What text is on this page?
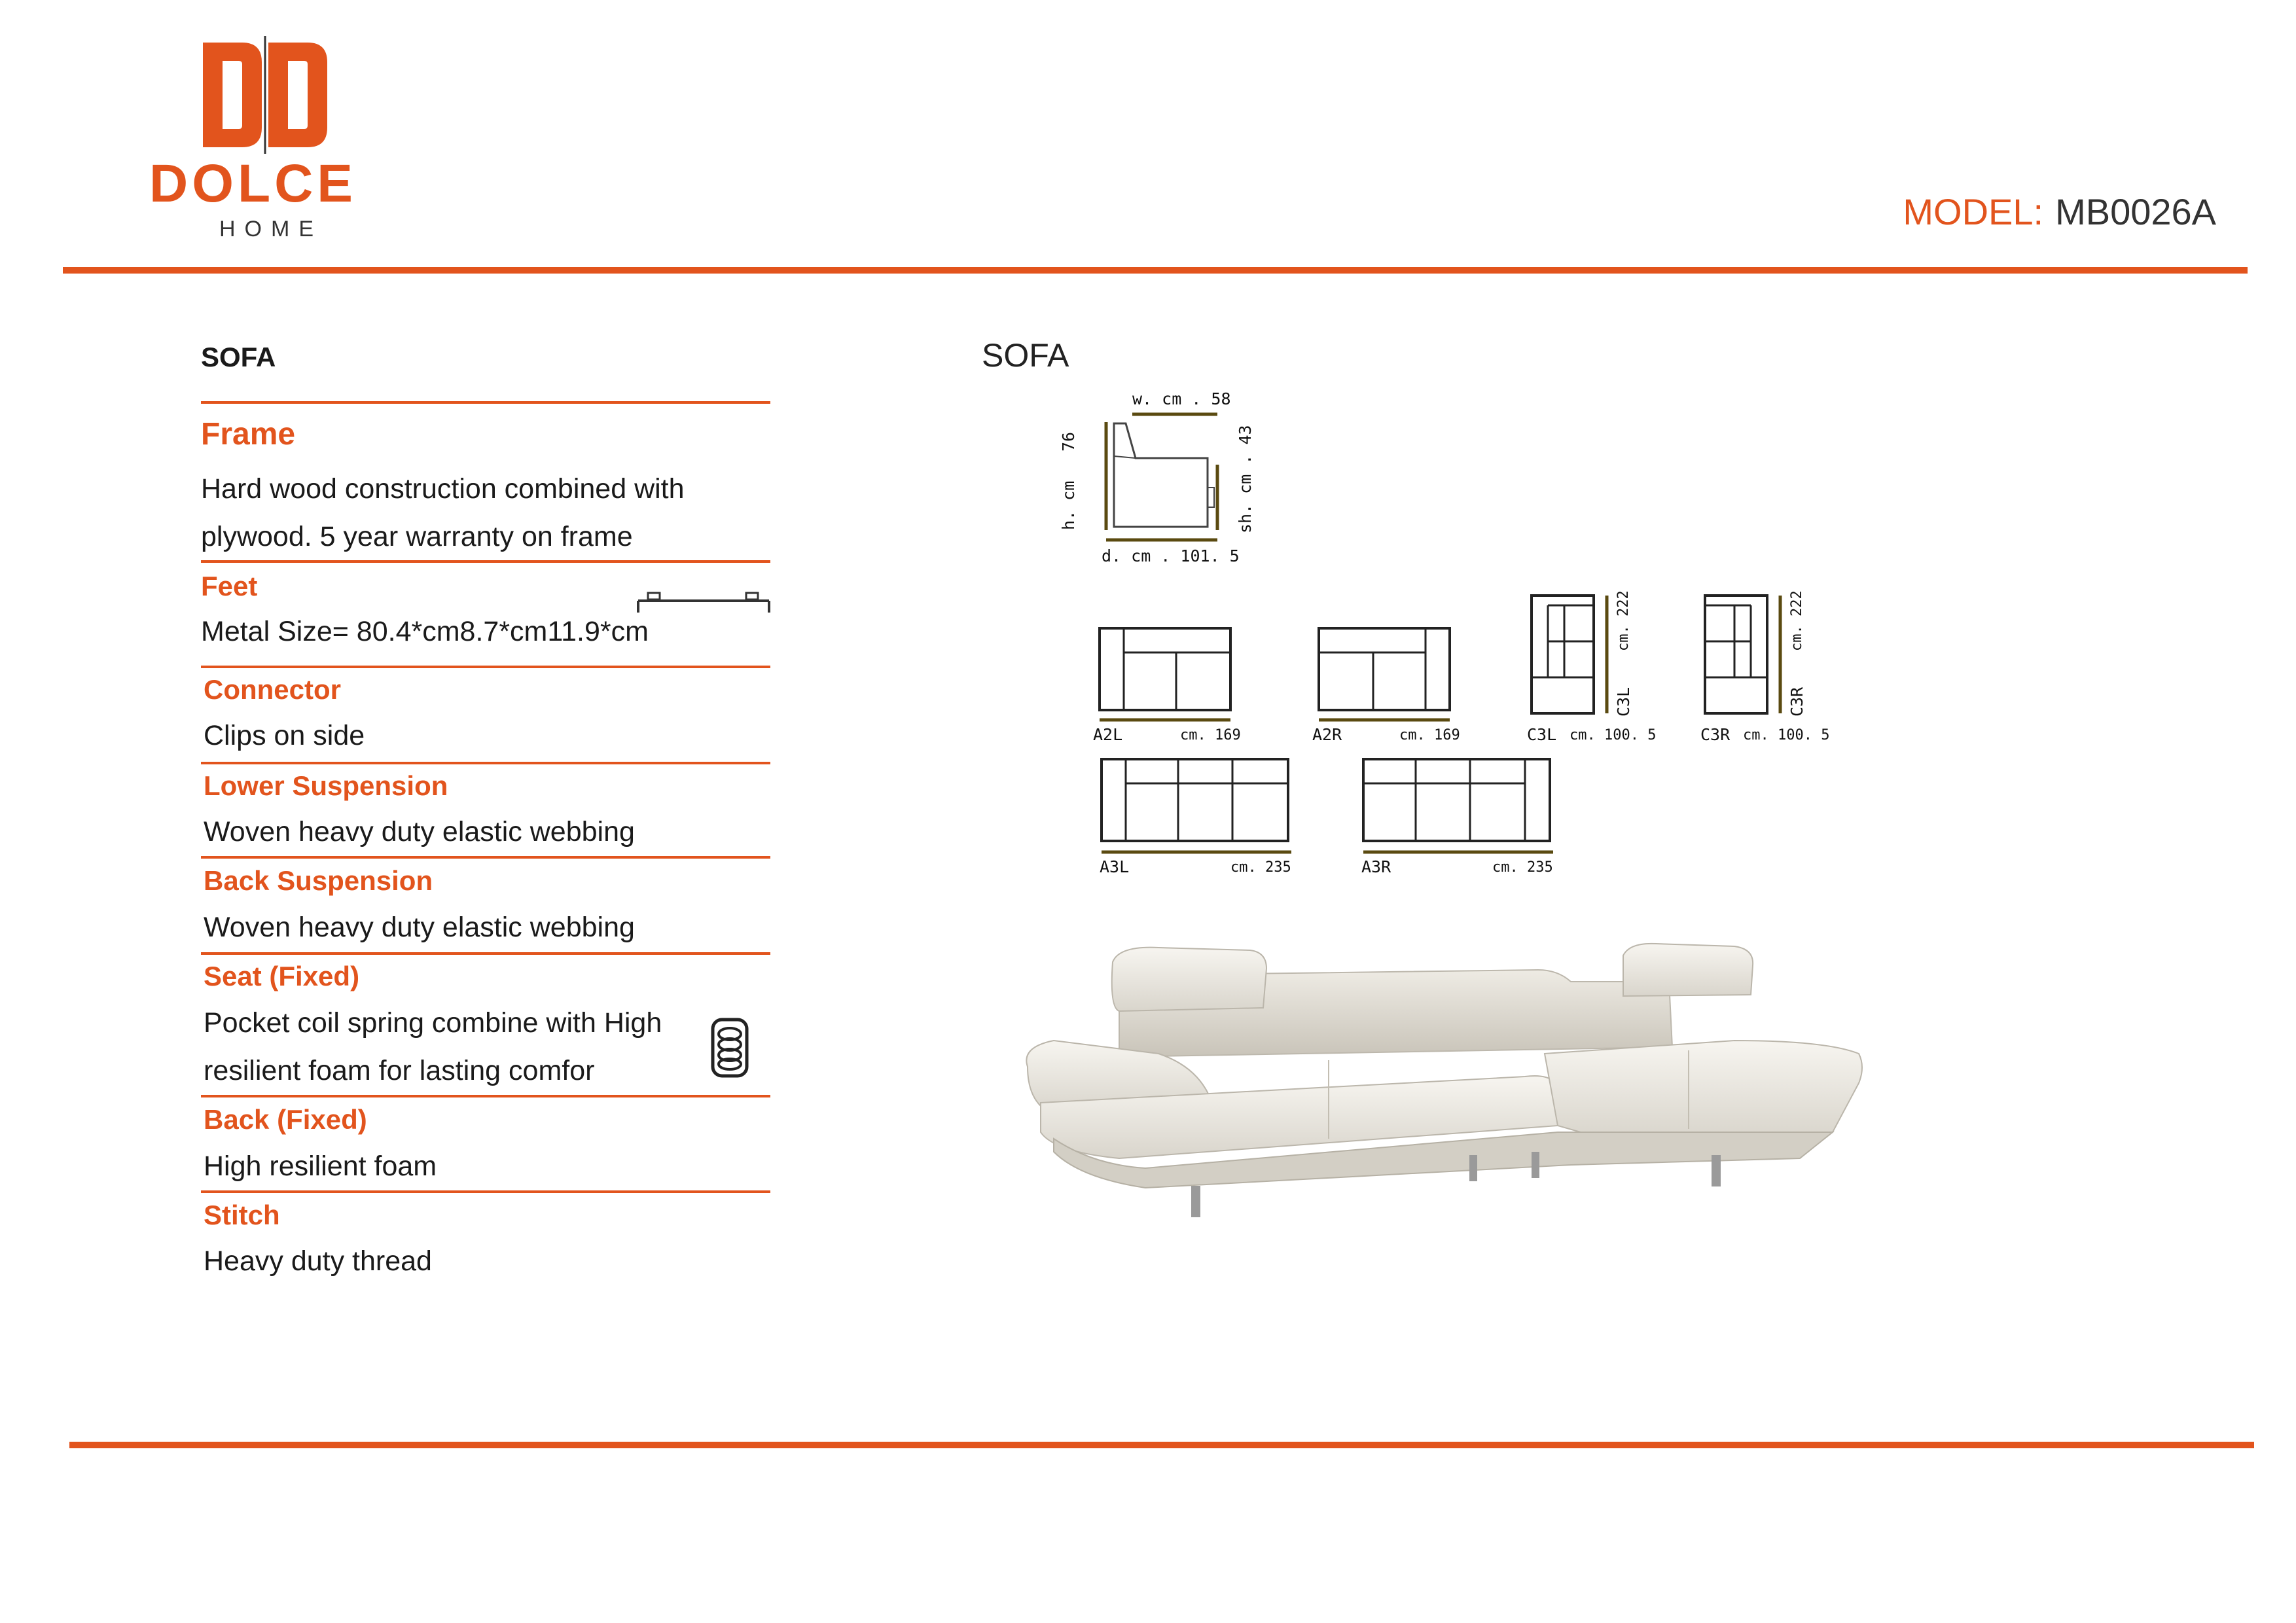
DOLCE
HOME	MODEL: MB0026A
SOFA
Frame
Hard wood construction combined with
plywood. 5 year warranty on frame
Feet
Metal Size= 80.4*cm8.7*cm11.9*cm
Connector
Clips on side
Lower Suspension
Woven heavy duty elastic webbing
Back Suspension
Woven heavy duty elastic webbing
Seat (Fixed)
Pocket coil spring combine with High
resilient foam for lasting comfor
Back (Fixed)
High resilient foam
Stitch
Heavy duty thread
SOFA
w. cm . 58
76
h. cm	sh. cm . 43
d. cm . 101. 5
A2L	cm. 169	A2R	cm. 169
cm. 222
C3L
C3L cm. 100. 5
cm. 222
C3R
C3R cm. 100. 5
A3L	cm. 235	A3R	cm. 235
